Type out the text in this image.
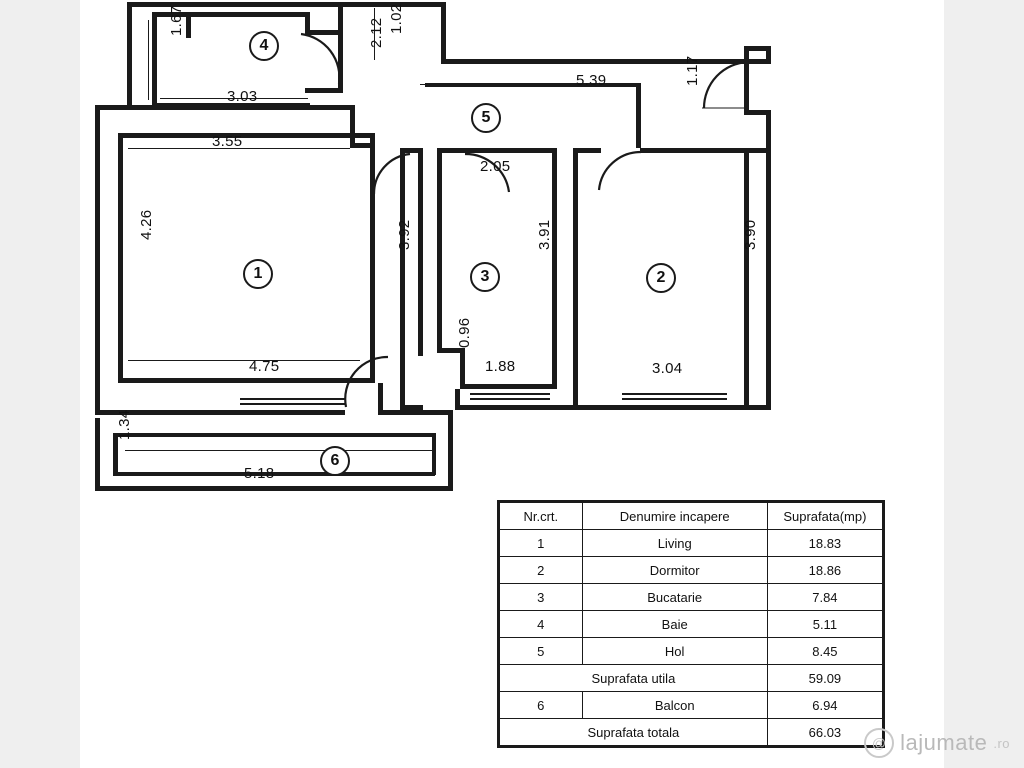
1.02
1.67
3.03
2.12
5.39	1.17
3.55
2.05
4.26	3.92	3.91	3.90
4.75
0.96
1.88	3.04
1.34
5.18
4
5
1	3	2
6
Nr.crt.	Denumire incapere	Suprafata(mp)
1	Living	18.83
2	Dormitor	18.86
3	Bucatarie	7.84
4	Baie	5.11
5	Hol	8.45
Suprafata utila		59.09
6	Balcon	6.94
Suprafata totala		66.03
@ lajumate .ro
